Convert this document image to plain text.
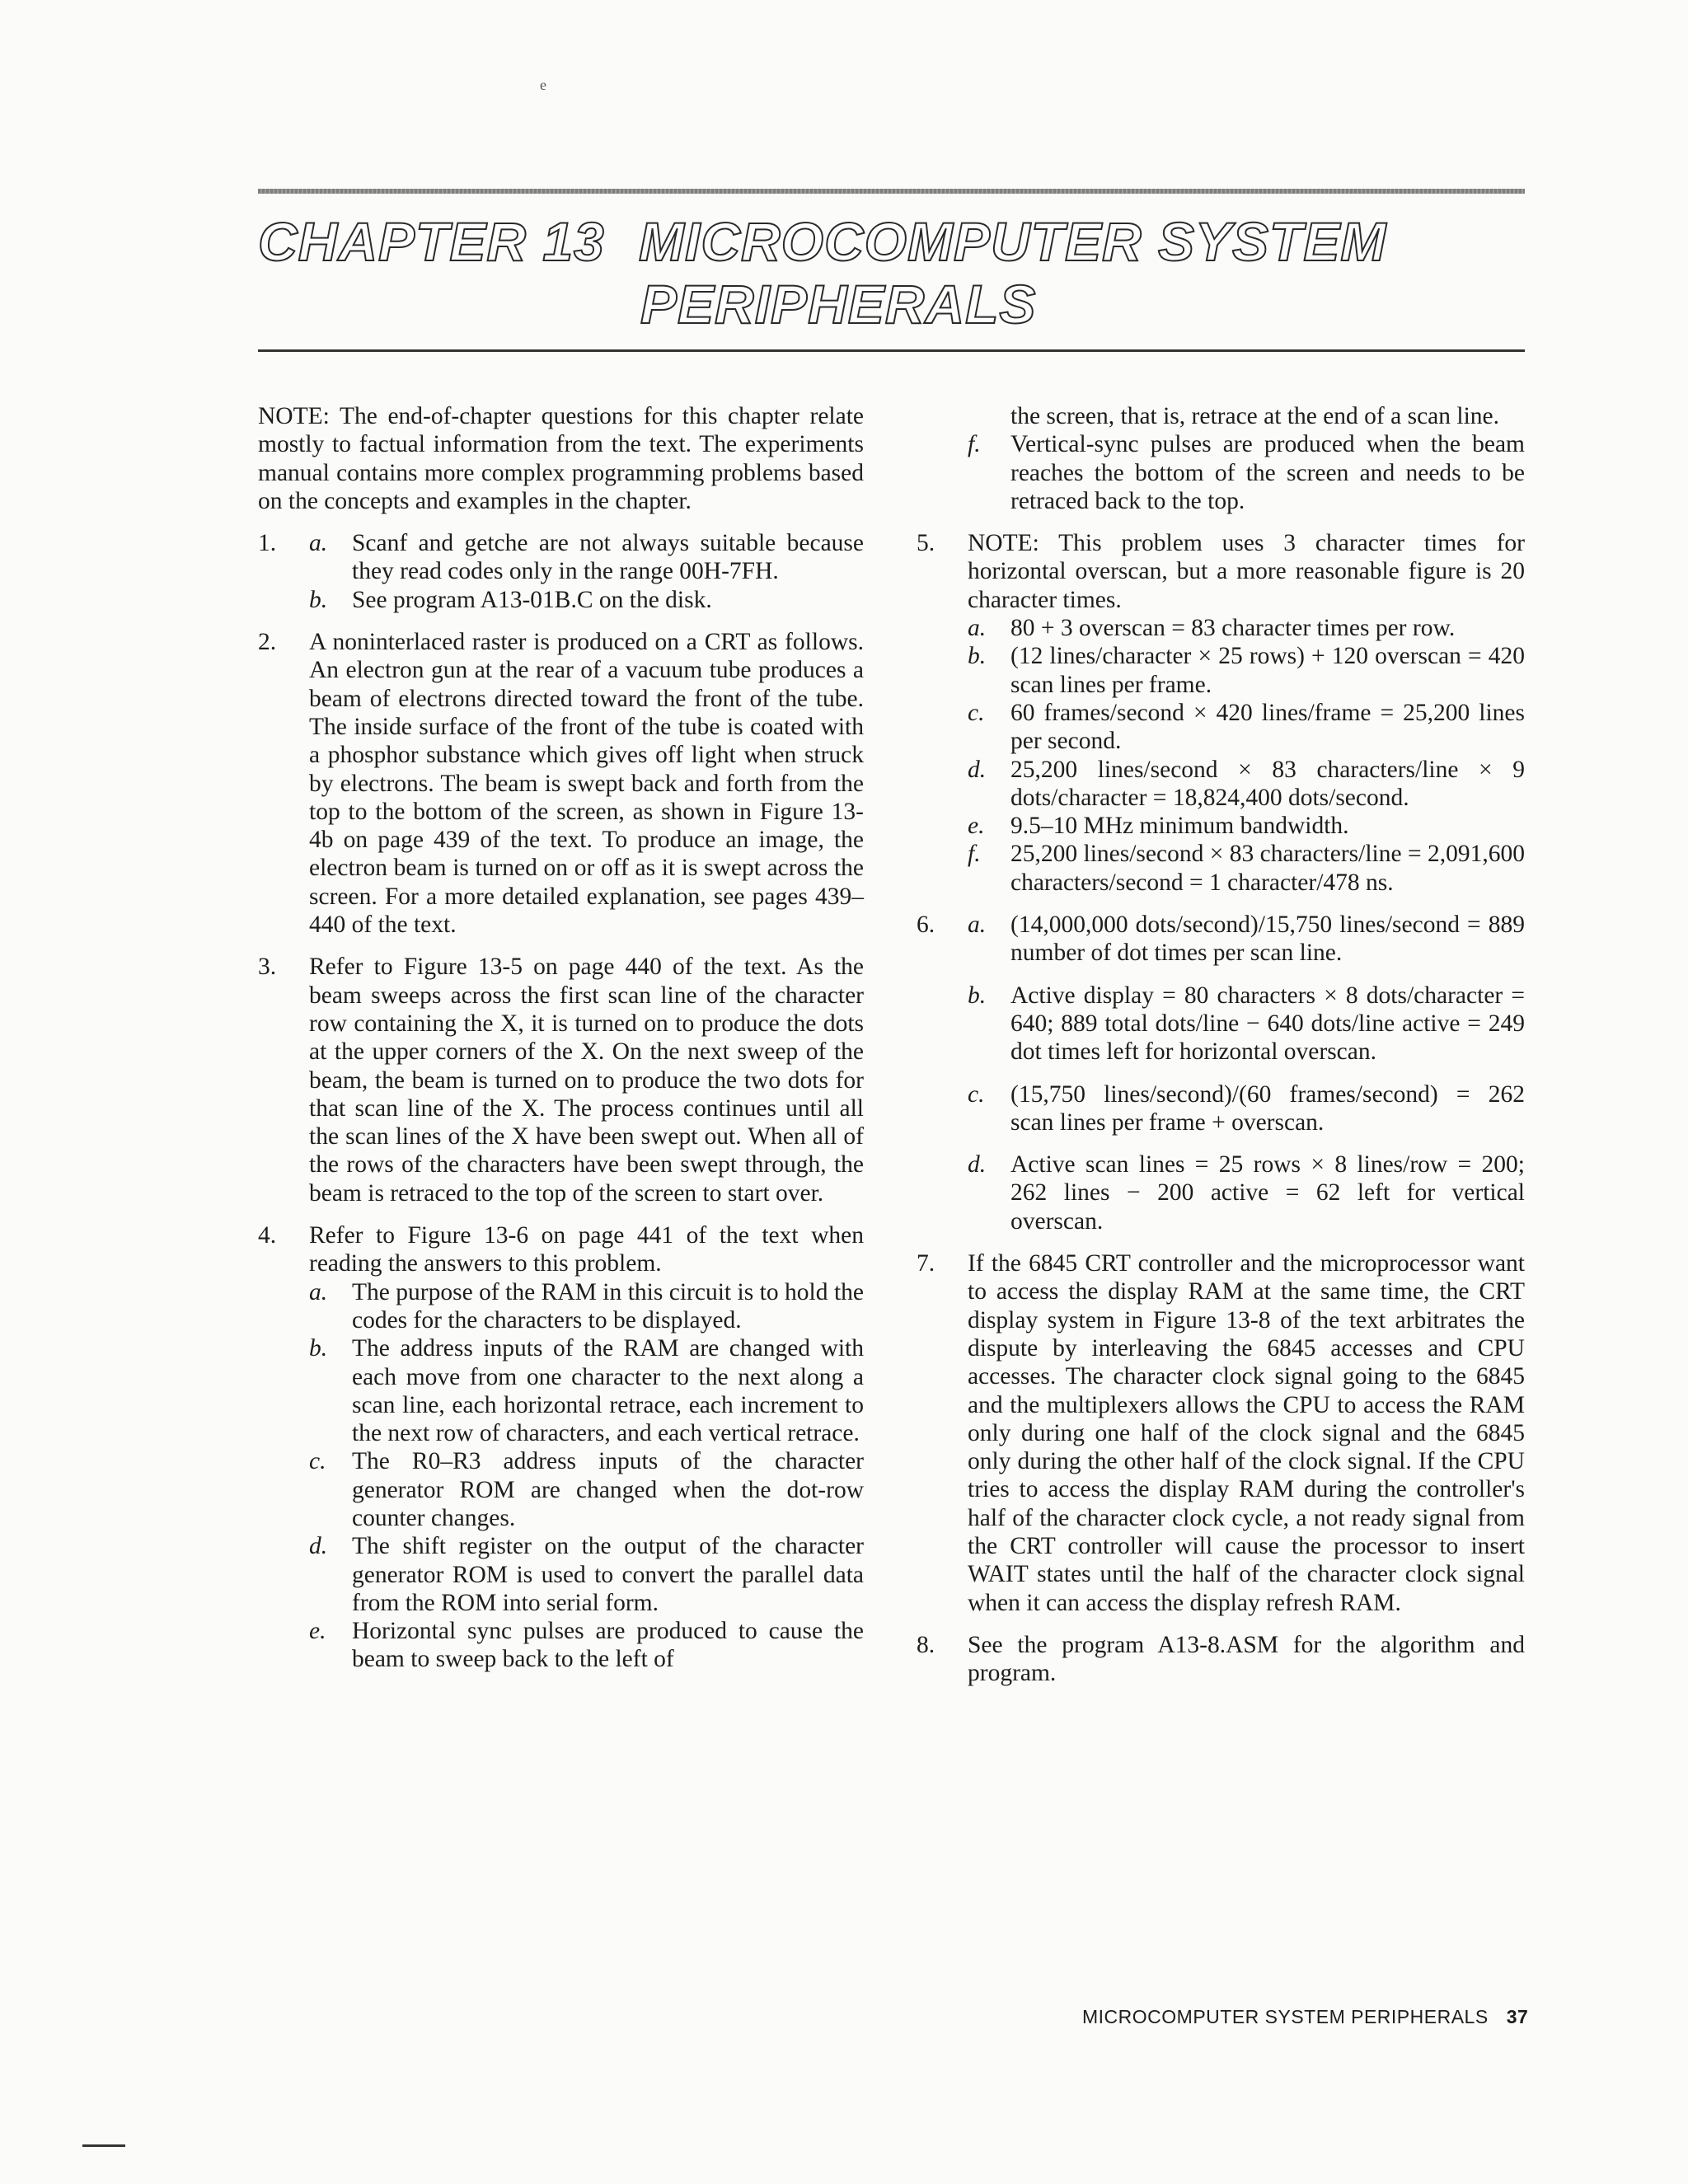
e
CHAPTER 13 MICROCOMPUTER SYSTEM
PERIPHERALS

NOTE: The end-of-chapter questions for this chapter relate mostly to factual information from the text. The experiments manual contains more complex programming problems based on the concepts and examples in the chapter.

1. a. Scanf and getche are not always suitable because they read codes only in the range 00H-7FH.

b. See program A13-01B.C on the disk.

2. A noninterlaced raster is produced on a CRT as follows. An electron gun at the rear of a vacuum tube produces a beam of electrons directed toward the front of the tube. The inside surface of the front of the tube is coated with a phosphor substance which gives off light when struck by electrons. The beam is swept back and forth from the top to the bottom of the screen, as shown in Figure 13-4b on page 439 of the text. To produce an image, the electron beam is turned on or off as it is swept across the screen. For a more detailed explanation, see pages 439–440 of the text.

3. Refer to Figure 13-5 on page 440 of the text. As the beam sweeps across the first scan line of the character row containing the X, it is turned on to produce the dots at the upper corners of the X. On the next sweep of the beam, the beam is turned on to produce the two dots for that scan line of the X. The process continues until all the scan lines of the X have been swept out. When all of the rows of the characters have been swept through, the beam is retraced to the top of the screen to start over.

4. Refer to Figure 13-6 on page 441 of the text when reading the answers to this problem.

a. The purpose of the RAM in this circuit is to hold the codes for the characters to be displayed.

b. The address inputs of the RAM are changed with each move from one character to the next along a scan line, each horizontal retrace, each increment to the next row of characters, and each vertical retrace.

c. The R0–R3 address inputs of the character generator ROM are changed when the dot-row counter changes.

d. The shift register on the output of the character generator ROM is used to convert the parallel data from the ROM into serial form.

e. Horizontal sync pulses are produced to cause the beam to sweep back to the left of

the screen, that is, retrace at the end of a scan line.

f. Vertical-sync pulses are produced when the beam reaches the bottom of the screen and needs to be retraced back to the top.

5. NOTE: This problem uses 3 character times for horizontal overscan, but a more reasonable figure is 20 character times.

a. 80 + 3 overscan = 83 character times per row.

b. (12 lines/character × 25 rows) + 120 overscan = 420 scan lines per frame.

c. 60 frames/second × 420 lines/frame = 25,200 lines per second.

d. 25,200 lines/second × 83 characters/line × 9 dots/character = 18,824,400 dots/second.

e. 9.5–10 MHz minimum bandwidth.

f. 25,200 lines/second × 83 characters/line = 2,091,600 characters/second = 1 character/478 ns.

6. a. (14,000,000 dots/second)/15,750 lines/second = 889 number of dot times per scan line.

b. Active display = 80 characters × 8 dots/character = 640; 889 total dots/line − 640 dots/line active = 249 dot times left for horizontal overscan.

c. (15,750 lines/second)/(60 frames/second) = 262 scan lines per frame + overscan.

d. Active scan lines = 25 rows × 8 lines/row = 200; 262 lines − 200 active = 62 left for vertical overscan.

7. If the 6845 CRT controller and the microprocessor want to access the display RAM at the same time, the CRT display system in Figure 13-8 of the text arbitrates the dispute by interleaving the 6845 accesses and CPU accesses. The character clock signal going to the 6845 and the multiplexers allows the CPU to access the RAM only during one half of the clock signal and the 6845 only during the other half of the clock signal. If the CPU tries to access the display RAM during the controller's half of the character clock cycle, a not ready signal from the CRT controller will cause the processor to insert WAIT states until the half of the character clock signal when it can access the display refresh RAM.

8. See the program A13-8.ASM for the algorithm and program.

MICROCOMPUTER SYSTEM PERIPHERALS 37
